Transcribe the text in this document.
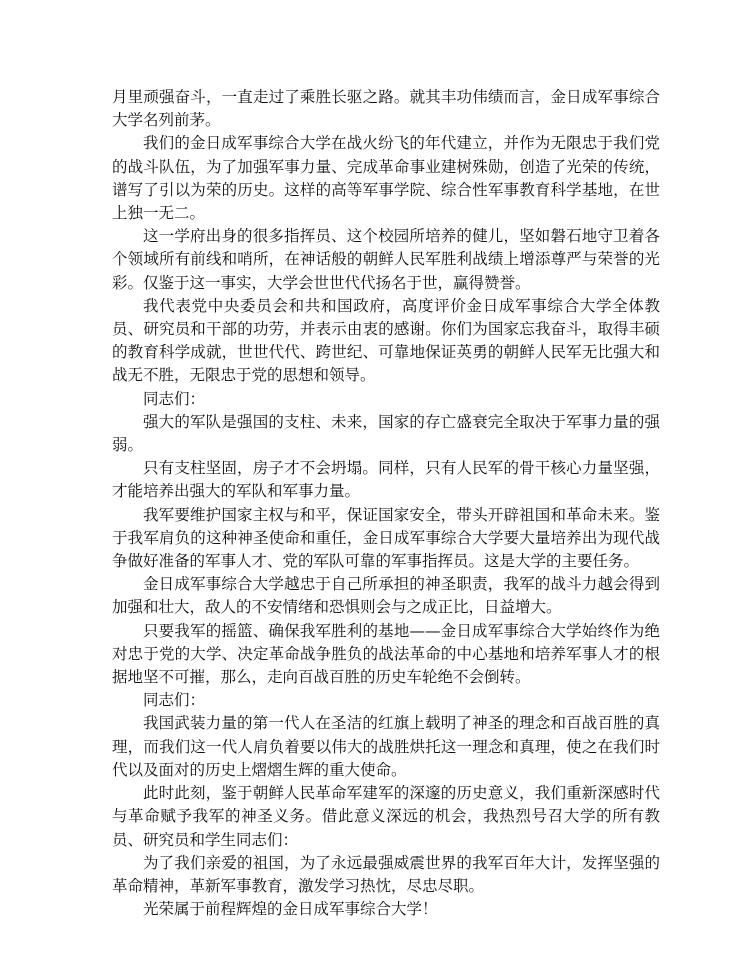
月里顽强奋斗，一直走过了乘胜长驱之路。就其丰功伟绩而言，金日成军事综合大学名列前茅。

我们的金日成军事综合大学在战火纷飞的年代建立，并作为无限忠于我们党的战斗队伍，为了加强军事力量、完成革命事业建树殊勋，创造了光荣的传统，谱写了引以为荣的历史。这样的高等军事学院、综合性军事教育科学基地，在世上独一无二。

这一学府出身的很多指挥员、这个校园所培养的健儿，坚如磐石地守卫着各个领域所有前线和哨所，在神话般的朝鲜人民军胜利战绩上增添尊严与荣誉的光彩。仅鉴于这一事实，大学会世世代代扬名于世，赢得赞誉。

我代表党中央委员会和共和国政府，高度评价金日成军事综合大学全体教员、研究员和干部的功劳，并表示由衷的感谢。你们为国家忘我奋斗，取得丰硕的教育科学成就，世世代代、跨世纪、可靠地保证英勇的朝鲜人民军无比强大和战无不胜，无限忠于党的思想和领导。

同志们：

强大的军队是强国的支柱、未来，国家的存亡盛衰完全取决于军事力量的强弱。

只有支柱坚固，房子才不会坍塌。同样，只有人民军的骨干核心力量坚强，才能培养出强大的军队和军事力量。

我军要维护国家主权与和平，保证国家安全，带头开辟祖国和革命未来。鉴于我军肩负的这种神圣使命和重任，金日成军事综合大学要大量培养出为现代战争做好准备的军事人才、党的军队可靠的军事指挥员。这是大学的主要任务。

金日成军事综合大学越忠于自己所承担的神圣职责，我军的战斗力越会得到加强和壮大，敌人的不安情绪和恐惧则会与之成正比，日益增大。

只要我军的摇篮、确保我军胜利的基地——金日成军事综合大学始终作为绝对忠于党的大学、决定革命战争胜负的战法革命的中心基地和培养军事人才的根据地坚不可摧，那么，走向百战百胜的历史车轮绝不会倒转。

同志们：

我国武装力量的第一代人在圣洁的红旗上载明了神圣的理念和百战百胜的真理，而我们这一代人肩负着要以伟大的战胜烘托这一理念和真理，使之在我们时代以及面对的历史上熠熠生辉的重大使命。

此时此刻，鉴于朝鲜人民革命军建军的深邃的历史意义，我们重新深感时代与革命赋予我军的神圣义务。借此意义深远的机会，我热烈号召大学的所有教员、研究员和学生同志们：

为了我们亲爱的祖国，为了永远最强威震世界的我军百年大计，发挥坚强的革命精神，革新军事教育，激发学习热忱，尽忠尽职。

光荣属于前程辉煌的金日成军事综合大学！
